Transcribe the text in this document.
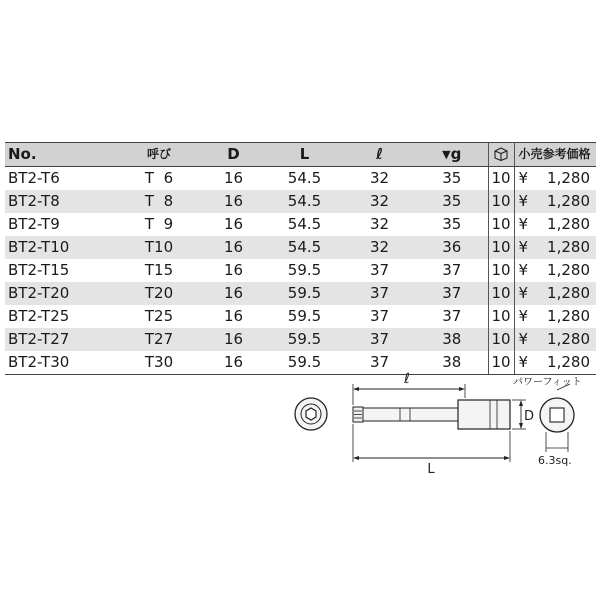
No.	呼び	D	L	ℓ	▼g		小売参考価格
BT2-T6	T  6	16	54.5	32	35	10	¥ 1,280

BT2-T8	T  8	16	54.5	32	35	10	¥ 1,280

BT2-T9	T  9	16	54.5	32	35	10	¥ 1,280

BT2-T10	T10	16	54.5	32	36	10	¥ 1,280

BT2-T15	T15	16	59.5	37	37	10	¥ 1,280

BT2-T20	T20	16	59.5	37	37	10	¥ 1,280

BT2-T25	T25	16	59.5	37	37	10	¥ 1,280

BT2-T27	T27	16	59.5	37	38	10	¥ 1,280

BT2-T30	T30	16	59.5	37	38	10	¥ 1,280
ℓ
L
D
パワーフィット
6.3sq.
